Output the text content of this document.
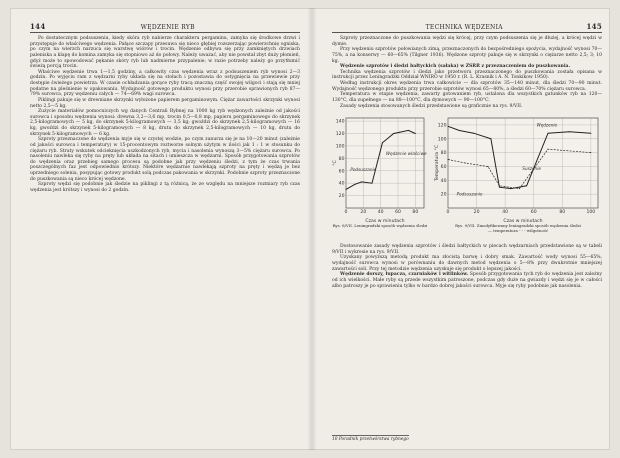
144	WĘDZENIE RYB

Po dostatecznym podsuszeniu, kiedy skóra ryb nabierze charakteru pergaminu, zamyka się środkowe drzwi i przystępuje do właściwego wędzenia. Pałące szczapy przesuwa się nieco głębiej rozszerzając powierzchnię ogniska, po czym na wierzch narzuca się warstwę wiórów i trocin. Wędzenie odbywa się przy zamkniętych drzwiach paleniska a klapę do komina zamyka się stopniowo aż do połowy. Należy uważać, aby nie powstał zbyt duży płomień, gdyż może to spowodować pękanie skóry ryb lub nadmierne przypalenie; w razie potrzeby należy go przytłumić świeżą porcją trocin.

Właściwe wędzenie trwa 1—1,5 godziny, a całkowity czas wędzenia wraz z podsuszeniem ryb wynosi 2—3 godzin. Po wyjęciu ram z wędzarni ryby układa się na stołach i pozostawia do ostygnięcia na przewiewie przy dostępie świeżego powietrza. W czasie ochładzania gorące ryby tracą znaczną część swojej wilgoci i stają się mniej podatne na pleśnienie w opakowaniu. Wydajność gotowego produktu wynosi przy przerobie sprawionych ryb 87—79% surowca, przy wędzeniu całych — 74—69% wagi surowca.

Piklingi pakuje się w drewniane skrzynki wyłożone papierem pergaminowym. Ciężar zawartości skrzynki wynosi netto 2,5—5 kg.

Zużycie materiałów pomocniczych wg danych Centrali Rybnej na 1000 kg ryb wędzonych zależnie od jakości surowca i sposobu wędzenia wynosi: drewna 3,2—3,6 mp, trocin 0,5—0,8 mp, papieru pergaminowego do skrzynek 2,5-kilogramowych — 5 kg, do skrzynek 5-kilogramowych — 3,5 kg; gwoździ do skrzynek 2,5-kilogramowych — 16 kg, gwoździ do skrzynek 5-kilogramowych — 8 kg, drutu do skrzynek 2,5-kilogramowych — 10 kg, drutu do skrzynek 5-kilogramowych — 6 kg.

Szproty przeznaczone do wędzenia myje się w czystej wodzie, po czym zanurza się je na 10—20 minut (zależnie od jakości surowca i temperatury) w 15-procentowym roztworze solnym użytym w ilości jak 1 : 1 w stosunku do ciężaru ryb. Straty wskutek odcieknięcia uszkodzonych ryb, mycia i nasolenia wynoszą 3—5% ciężaru surowca. Po nasoleniu nawleka się ryby na pręty lub układa na sitach i umieszcza w wędzarni. Sposób przygotowania szprotów do wędzenia oraz przebieg samego procesu są podobne jak przy wędzeniu śledzi, z tym że czas trwania poszczególnych faz jest odpowiednio krótszy. Niektóre wędzarnie nawlekają szproty na pręty i wędzą je bez uprzedniego solenia, posypując gotowy produkt solą podczas pakowania w skrzynki. Podobnie szproty przeznaczone do puszkowania są nieco krócej wędzone.

Szproty wędzi się podobnie jak śledzie na piklingi z tą różnicą, że ze względu na mniejsze rozmiary ryb czas wędzenia jest krótszy i wynosi do 2 godzin.

TECHNIKA WĘDZENIA	145

Szproty przeznaczone do puszkowania wędzi się krócej, przy czym podsuszenia się je dłużej, a krócej wędzi w dymie.

Przy wędzeniu szprotów połowianych zimą, przeznaczonych do bezpośredniego spożycia, wydajność wynosi 70—75%, a na konserwy — 60—65% (Tilgner 1936). Wędzone szproty pakuje się w skrzynki o ciężarze netto 2,5; 3; 10 kg.

Wędzenie szprotów i śledzi bałtyckich (sałaka) w ZSRR z przeznaczeniem do puszkowania.

Technika wędzenia szprotów i śledzi jako przetworu przeznaczonego do puszkowania została opisana w instrukcji przez Leningradzki Oddział WNIRO w 1950 r. (R. L. Krasnik i A. N. Tonkikow 1950).

Według instrukcji okres wędzenia trwa całkowicie — dla szprotów 35—140 minut, dla śledzi 70—90 minut. Wydajność wędzonego produktu przy przerobie szprotów wynosi 65—80%, a śledzi 60—70% ciężaru surowca.

Temperatura w etapie wędzenia, zawarty gotowaniem ryb, ustalona dla wszystkich gatunków ryb na 120—130°C, dla zupełnego — na 88—100°C, dla dymowych — 90—100°C.

Zasady wędzenia stosowanych śledzi przedstawione są graficznie na rys. 9/VII.

0	20 40 60 80
20
40
60
80
100
120
140
Czas w minutach
°C
Podsuszanie
Wędzenie właściwe
Rys. 8/VII. Leningradzki sposób wędzenia śledzi
0	20	40	60	80	100
20
40
60
80
100
120
Czas w minutach
Temperatura °C
Wędzenie
Suszenie
Podsuszanie
Rys. 9/VII. Zmodyfikowany leningradzki sposób wędzenia śledzi
— temperatura - - - wilgotność

Dostosowanie zasady wędzenia szprotów i śledzi bałtyckich w piecach wędzarniach przedstawione są w tabeli 9/VII i wykresie na rys. 9/VII.

Uzyskany powyższą metodą produkt ma złocistą barwę i dobry smak. Zawartość wody wynosi 55—65%, wydajność surowca wynosi w porównaniu do dawnych metod wędzenia o 5—8% przy dwukrotnie mniejszej zawartości soli. Przy tej metodzie wędzenia uzyskuje się produkt o lepszej jakości.

Wędzenie dorszy, łupacza, czarniaków i witlinków. Sposób przygotowania tych ryb do wędzenia jest zależny od ich wielkości. Małe ryby są przede wszystkim patroszone, podczas gdy duże na gwiazdy i wędzi się je w całości albo patroszy je po sprawieniu tylko w bardzo dobrej jakości surowca. Myje się ryby podobnie jak nasolenia.

10 Poradnik przetwórstwa rybnego
